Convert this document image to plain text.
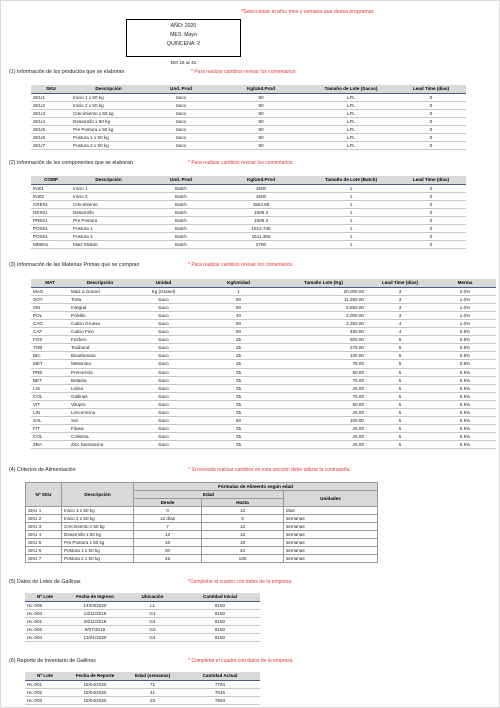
*Seleccionar el año, mes y semana que desea programar
AÑO: 2020
MES: Mayo
QUINCENA: 2
Del 16 al 31
(1) Información de los productos que se elaboran	* Para realizar cambios revisar los comentarios
SKU	Descripción	Und. Prod	Kg/Und.Prod	Tamaño de Lote (Sacos)	Lead Time (días)
SKU1	Inicio 1 x 50 kg	Saco	50	LFL	0
SKU2	Inicio 2 x 50 kg	Saco	50	LFL	0
SKU3	Crecimiento x 50 kg	Saco	50	LFL	0
SKU4	Desarrollo x 50 kg	Saco	50	LFL	0
SKU5	Pre Postura x 50 kg	Saco	50	LFL	0
SKU6	Postura 1 x 50 kg	Saco	50	LFL	0
SKU7	Postura 2 x 50 kg	Saco	50	LFL	0
(2) Información de los componentes que se elaboran	* Para realizar cambios revisar los comentarios
COMP	Descripción	Und. Prod	Kg/Und.Prod	Tamaño de Lote (Batch)	Lead Time (días)
INI01	Inicio 1	Batch	1500	1	0
INI02	Inicio 2	Batch	1500	1	0
CRE01	Crecimiento	Batch	1504.95	1	0
DES01	Desarrollo	Batch	1506.3	1	0
PRE01	Pre Postura	Batch	1506.3	1	0
POS01	Postura 1	Batch	1512.745	1	0
POS01	Postura 2	Batch	1511.385	1	0
MM001	Maiz Molido	Batch	2780	1	0
(3) Información de las Materias Primas que se compran	* Para realizar cambios revisar los comentarios
MAT	Descripción	Unidad	Kg/Unidad	Tamaño Lote (Kg)	Lead Time (días)	Merma
MAG	Maiz a Granel	Kg (Granel)	1	20,000.00	3	2.0%
SOY	Torta	Saco	50	11,050.00	3	1.0%
SEI	Integral	Saco	50	6,550.00	3	1.0%
POL	Polvillo	Saco	40	4,000.00	3	1.0%
CAG	Calcio Grueso	Saco	50	4,350.00	4	1.0%
CAF	Calcio Fino	Saco	50	450.00	4	0.5%
FOS	Fosforo	Saco	25	600.00	5	0.5%
TOB	Toxibond	Saco	25	275.00	5	0.5%
BIC	Bicarbonato	Saco	25	100.00	5	0.5%
MET	Metionina	Saco	25	75.00	5	0.5%
PRE	Premezcla	Saco	25	50.00	5	0.5%
BET	Betaina	Saco	25	75.00	5	0.5%
LIS	Lisina	Saco	25	25.00	5	0.5%
COL	Gallinas	Saco	25	75.00	5	0.5%
VIT	Vitupro	Saco	25	50.00	5	0.5%
LIN	Lincomicina	Saco	25	25.00	5	0.5%
SAL	Sal	Saco	50	100.00	5	0.5%
FIT	Fitasa	Saco	25	25.00	5	0.5%
COL	Colistina	Saco	25	25.00	5	0.5%
ZBA	Zinc bacitracina	Saco	25	25.00	5	0.5%
(4) Criterios de Alimentación	* Si necesita realizar cambios en esta sección debe utilizar la contraseña
Nº SKU	Descripción	Fórmulas de Alimento según edad		
		Edad		Unidades
		Desde	Hasta	
SKU 1	Inicio 1 x 50 kg	0	12	días
SKU 2	Inicio 2 x 50 kg	12 días	6	semanas
SKU 3	Crecimiento x 50 kg	7	12	semanas
SKU 4	Desarrollo x 50 kg	13	15	semanas
SKU 5	Pre Postura x 50 kg	16	19	semanas
SKU 6	Postura 1 x 50 kg	20	44	semanas
SKU 7	Postura 2 x 50 kg	45	100	semanas
(5) Datos de Lotes de Gallinas	*Completar el cuadro con datos de la empresa
Nº Lote	Fecha de Ingreso	Ubicación	Cantidad Inicial
HL-005	14/03/2020	L1	8160
HL-003	13/11/2019	G1	8160
HL-001	28/11/2018	G4	8160
HL-002	5/07/2019	G3	8160
HL-004	13/01/2020	G4	8160
(6) Reporte de Inventario de Gallinas	* Completar el cuadro con datos de la empresa
Nº Lote	Fecha de Reporte	Edad (semanas)	Cantidad Actual
HL-001	15/04/2020	71	7784
HL-002	15/04/2020	41	7916
HL-003	15/04/2020	23	7993
